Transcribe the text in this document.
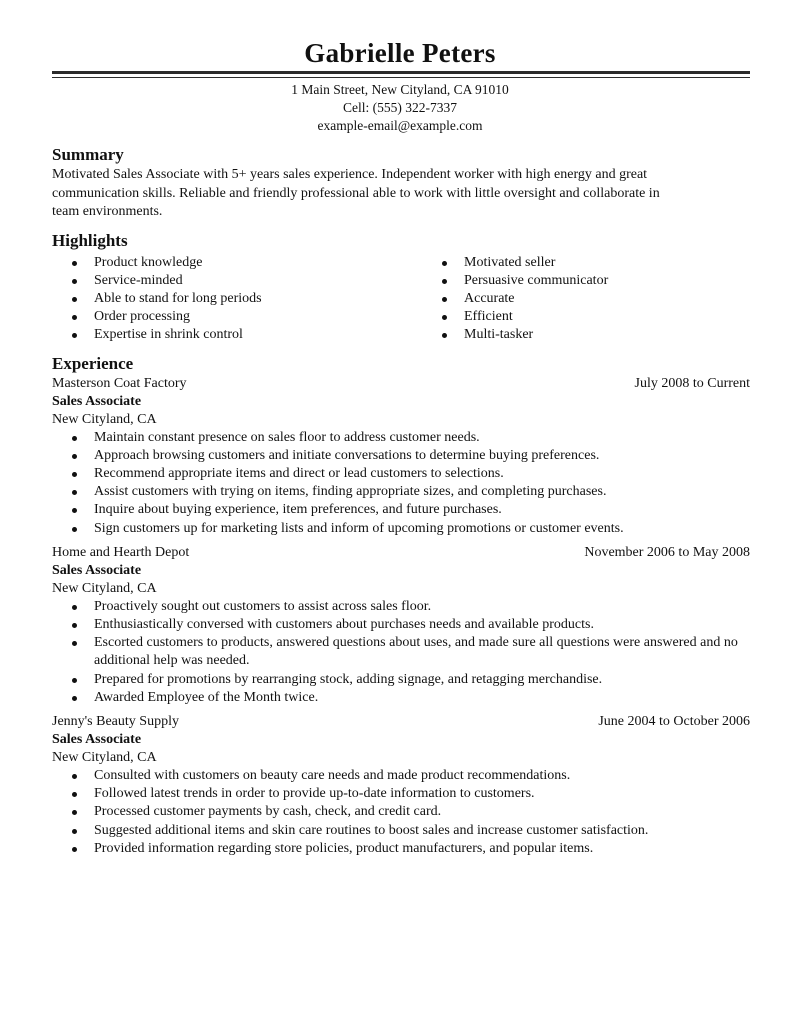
Gabrielle Peters
1 Main Street, New Cityland, CA 91010
Cell: (555) 322-7337
example-email@example.com
Summary

Motivated Sales Associate with 5+ years sales experience. Independent worker with high energy and great
communication skills. Reliable and friendly professional able to work with little oversight and collaborate in
team environments.

Highlights
Product knowledge
Service-minded
Able to stand for long periods
Order processing
Expertise in shrink control
Motivated seller
Persuasive communicator
Accurate
Efficient
Multi-tasker
Experience
Masterson Coat Factory	July 2008 to Current
Sales Associate
New Cityland, CA
Maintain constant presence on sales floor to address customer needs.
Approach browsing customers and initiate conversations to determine buying preferences.
Recommend appropriate items and direct or lead customers to selections.
Assist customers with trying on items, finding appropriate sizes, and completing purchases.
Inquire about buying experience, item preferences, and future purchases.
Sign customers up for marketing lists and inform of upcoming promotions or customer events.
Home and Hearth Depot	November 2006 to May 2008
Sales Associate
New Cityland, CA
Proactively sought out customers to assist across sales floor.
Enthusiastically conversed with customers about purchases needs and available products.
Escorted customers to products, answered questions about uses, and made sure all questions were answered and no additional help was needed.
Prepared for promotions by rearranging stock, adding signage, and retagging merchandise.
Awarded Employee of the Month twice.
Jenny's Beauty Supply	June 2004 to October 2006
Sales Associate
New Cityland, CA
Consulted with customers on beauty care needs and made product recommendations.
Followed latest trends in order to provide up-to-date information to customers.
Processed customer payments by cash, check, and credit card.
Suggested additional items and skin care routines to boost sales and increase customer satisfaction.
Provided information regarding store policies, product manufacturers, and popular items.
